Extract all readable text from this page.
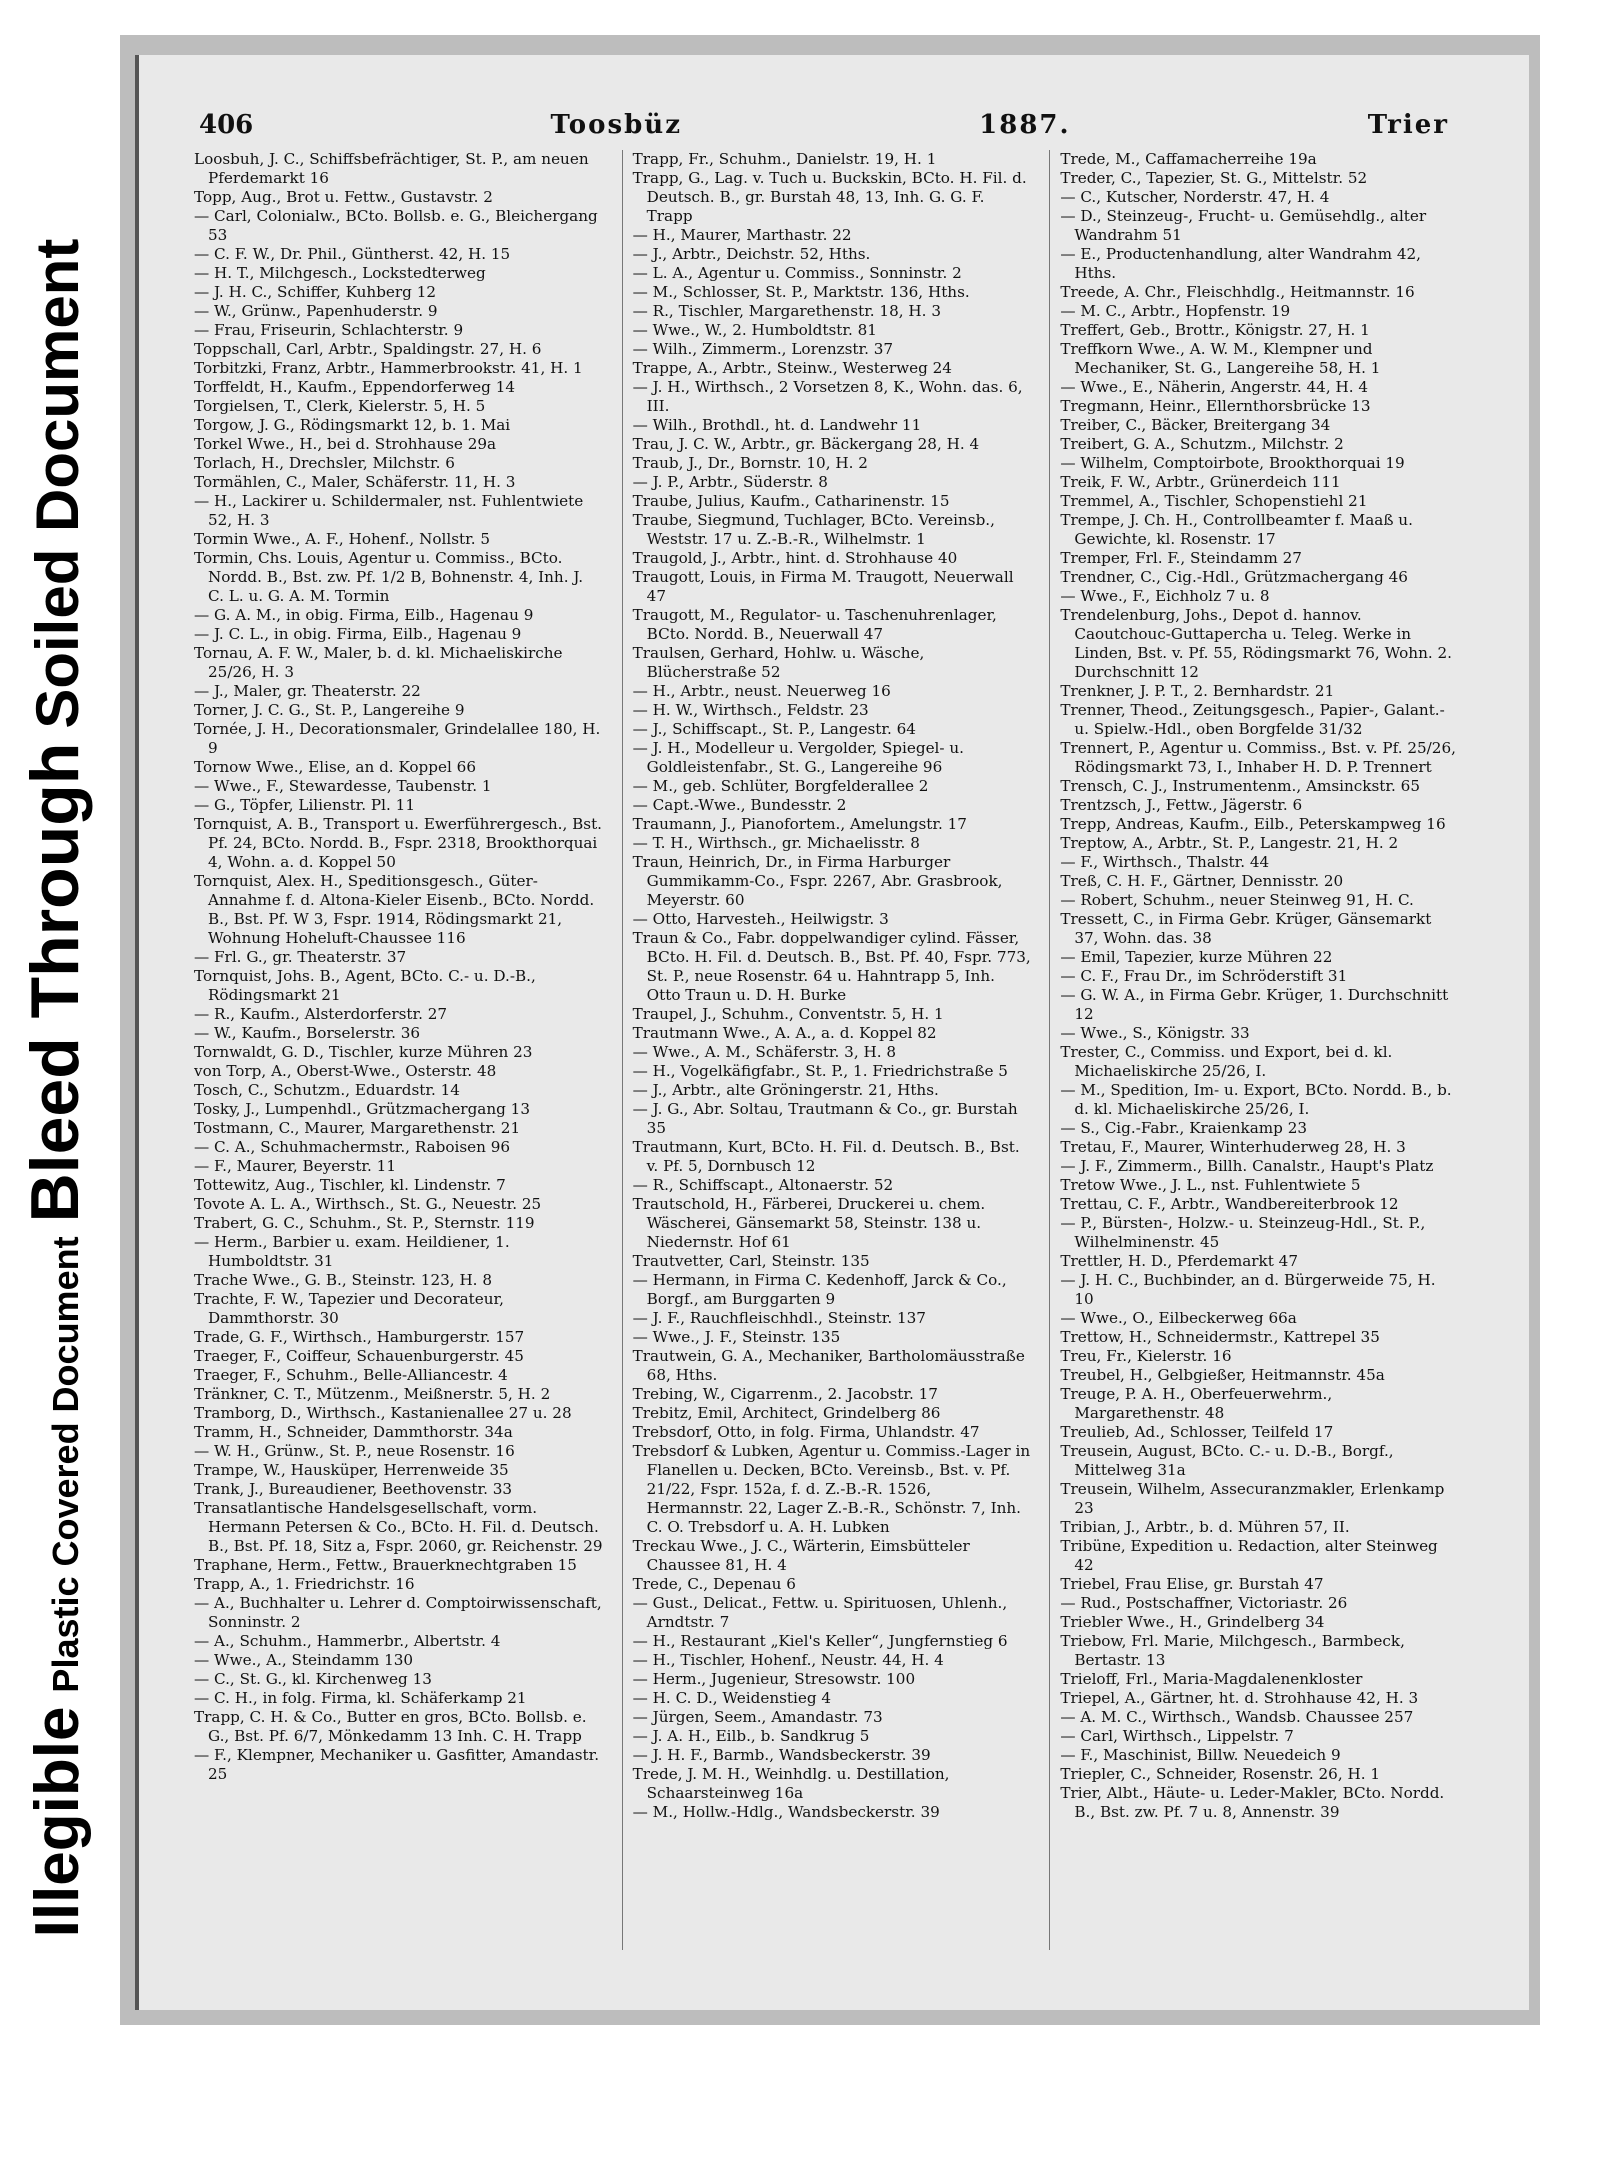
IllegiblePlastic Covered DocumentBleed ThroughSoiled Document
406	Toosbüz	1887.	Trier

Loosbuh, J. C., Schiffsbefrächtiger, St. P., am neuen Pferdemarkt 16

Topp, Aug., Brot u. Fettw., Gustavstr. 2

— Carl, Colonialw., BCto. Bollsb. e. G., Bleichergang 53

— C. F. W., Dr. Phil., Güntherst. 42, H. 15

— H. T., Milchgesch., Lockstedterweg

— J. H. C., Schiffer, Kuhberg 12

— W., Grünw., Papenhuderstr. 9

— Frau, Friseurin, Schlachterstr. 9

Toppschall, Carl, Arbtr., Spaldingstr. 27, H. 6

Torbitzki, Franz, Arbtr., Hammerbrookstr. 41, H. 1

Torffeldt, H., Kaufm., Eppendorferweg 14

Torgielsen, T., Clerk, Kielerstr. 5, H. 5

Torgow, J. G., Rödingsmarkt 12, b. 1. Mai

Torkel Wwe., H., bei d. Strohhause 29a

Torlach, H., Drechsler, Milchstr. 6

Tormählen, C., Maler, Schäferstr. 11, H. 3

— H., Lackirer u. Schildermaler, nst. Fuhlentwiete 52, H. 3

Tormin Wwe., A. F., Hohenf., Nollstr. 5

Tormin, Chs. Louis, Agentur u. Commiss., BCto. Nordd. B., Bst. zw. Pf. 1/2 B, Bohnenstr. 4, Inh. J. C. L. u. G. A. M. Tormin

— G. A. M., in obig. Firma, Eilb., Hagenau 9

— J. C. L., in obig. Firma, Eilb., Hagenau 9

Tornau, A. F. W., Maler, b. d. kl. Michaeliskirche 25/26, H. 3

— J., Maler, gr. Theaterstr. 22

Torner, J. C. G., St. P., Langereihe 9

Tornée, J. H., Decorationsmaler, Grindelallee 180, H. 9

Tornow Wwe., Elise, an d. Koppel 66

— Wwe., F., Stewardesse, Taubenstr. 1

— G., Töpfer, Lilienstr. Pl. 11

Tornquist, A. B., Transport u. Ewerführergesch., Bst. Pf. 24, BCto. Nordd. B., Fspr. 2318, Brookthorquai 4, Wohn. a. d. Koppel 50

Tornquist, Alex. H., Speditionsgesch., Güter-Annahme f. d. Altona-Kieler Eisenb., BCto. Nordd. B., Bst. Pf. W 3, Fspr. 1914, Rödingsmarkt 21, Wohnung Hoheluft-Chaussee 116

— Frl. G., gr. Theaterstr. 37

Tornquist, Johs. B., Agent, BCto. C.- u. D.-B., Rödingsmarkt 21

— R., Kaufm., Alsterdorferstr. 27

— W., Kaufm., Borselerstr. 36

Tornwaldt, G. D., Tischler, kurze Mühren 23

von Torp, A., Oberst-Wwe., Osterstr. 48

Tosch, C., Schutzm., Eduardstr. 14

Tosky, J., Lumpenhdl., Grützmachergang 13

Tostmann, C., Maurer, Margarethenstr. 21

— C. A., Schuhmachermstr., Raboisen 96

— F., Maurer, Beyerstr. 11

Tottewitz, Aug., Tischler, kl. Lindenstr. 7

Tovote A. L. A., Wirthsch., St. G., Neuestr. 25

Trabert, G. C., Schuhm., St. P., Sternstr. 119

— Herm., Barbier u. exam. Heildiener, 1. Humboldtstr. 31

Trache Wwe., G. B., Steinstr. 123, H. 8

Trachte, F. W., Tapezier und Decorateur, Dammthorstr. 30

Trade, G. F., Wirthsch., Hamburgerstr. 157

Traeger, F., Coiffeur, Schauenburgerstr. 45

Traeger, F., Schuhm., Belle-Alliancestr. 4

Tränkner, C. T., Mützenm., Meißnerstr. 5, H. 2

Tramborg, D., Wirthsch., Kastanienallee 27 u. 28

Tramm, H., Schneider, Dammthorstr. 34a

— W. H., Grünw., St. P., neue Rosenstr. 16

Trampe, W., Hausküper, Herrenweide 35

Trank, J., Bureaudiener, Beethovenstr. 33

Transatlantische Handelsgesellschaft, vorm. Hermann Petersen & Co., BCto. H. Fil. d. Deutsch. B., Bst. Pf. 18, Sitz a, Fspr. 2060, gr. Reichenstr. 29

Traphane, Herm., Fettw., Brauerknechtgraben 15

Trapp, A., 1. Friedrichstr. 16

— A., Buchhalter u. Lehrer d. Comptoirwissenschaft, Sonninstr. 2

— A., Schuhm., Hammerbr., Albertstr. 4

— Wwe., A., Steindamm 130

— C., St. G., kl. Kirchenweg 13

— C. H., in folg. Firma, kl. Schäferkamp 21

Trapp, C. H. & Co., Butter en gros, BCto. Bollsb. e. G., Bst. Pf. 6/7, Mönkedamm 13 Inh. C. H. Trapp

— F., Klempner, Mechaniker u. Gasfitter, Amandastr. 25

Trapp, Fr., Schuhm., Danielstr. 19, H. 1

Trapp, G., Lag. v. Tuch u. Buckskin, BCto. H. Fil. d. Deutsch. B., gr. Burstah 48, 13, Inh. G. G. F. Trapp

— H., Maurer, Marthastr. 22

— J., Arbtr., Deichstr. 52, Hths.

— L. A., Agentur u. Commiss., Sonninstr. 2

— M., Schlosser, St. P., Marktstr. 136, Hths.

— R., Tischler, Margarethenstr. 18, H. 3

— Wwe., W., 2. Humboldtstr. 81

— Wilh., Zimmerm., Lorenzstr. 37

Trappe, A., Arbtr., Steinw., Westerweg 24

— J. H., Wirthsch., 2 Vorsetzen 8, K., Wohn. das. 6, III.

— Wilh., Brothdl., ht. d. Landwehr 11

Trau, J. C. W., Arbtr., gr. Bäckergang 28, H. 4

Traub, J., Dr., Bornstr. 10, H. 2

— J. P., Arbtr., Süderstr. 8

Traube, Julius, Kaufm., Catharinenstr. 15

Traube, Siegmund, Tuchlager, BCto. Vereinsb., Weststr. 17 u. Z.-B.-R., Wilhelmstr. 1

Traugold, J., Arbtr., hint. d. Strohhause 40

Traugott, Louis, in Firma M. Traugott, Neuerwall 47

Traugott, M., Regulator- u. Taschenuhrenlager, BCto. Nordd. B., Neuerwall 47

Traulsen, Gerhard, Hohlw. u. Wäsche, Blücherstraße 52

— H., Arbtr., neust. Neuerweg 16

— H. W., Wirthsch., Feldstr. 23

— J., Schiffscapt., St. P., Langestr. 64

— J. H., Modelleur u. Vergolder, Spiegel- u. Goldleistenfabr., St. G., Langereihe 96

— M., geb. Schlüter, Borgfelderallee 2

— Capt.-Wwe., Bundesstr. 2

Traumann, J., Pianofortem., Amelungstr. 17

— T. H., Wirthsch., gr. Michaelisstr. 8

Traun, Heinrich, Dr., in Firma Harburger Gummikamm-Co., Fspr. 2267, Abr. Grasbrook, Meyerstr. 60

— Otto, Harvestеh., Heilwigstr. 3

Traun & Co., Fabr. doppelwandiger cylind. Fässer, BCto. H. Fil. d. Deutsch. B., Bst. Pf. 40, Fspr. 773, St. P., neue Rosenstr. 64 u. Hahntrapp 5, Inh. Otto Traun u. D. H. Burke

Traupel, J., Schuhm., Conventstr. 5, H. 1

Trautmann Wwe., A. A., a. d. Koppel 82

— Wwe., A. M., Schäferstr. 3, H. 8

— H., Vogelkäfigfabr., St. P., 1. Friedrichstraße 5

— J., Arbtr., alte Gröningerstr. 21, Hths.

— J. G., Abr. Soltau, Trautmann & Co., gr. Burstah 35

Trautmann, Kurt, BCto. H. Fil. d. Deutsch. B., Bst. v. Pf. 5, Dornbusch 12

— R., Schiffscapt., Altonaerstr. 52

Trautschold, H., Färberei, Druckerei u. chem. Wäscherei, Gänsemarkt 58, Steinstr. 138 u. Niedernstr. Hof 61

Trautvetter, Carl, Steinstr. 135

— Hermann, in Firma C. Kedenhoff, Jarck & Co., Borgf., am Burggarten 9

— J. F., Rauchfleischhdl., Steinstr. 137

— Wwe., J. F., Steinstr. 135

Trautwein, G. A., Mechaniker, Bartholomäusstraße 68, Hths.

Trebing, W., Cigarrenm., 2. Jacobstr. 17

Trebitz, Emil, Architect, Grindelberg 86

Trebsdorf, Otto, in folg. Firma, Uhlandstr. 47

Trebsdorf & Lubken, Agentur u. Commiss.-Lager in Flanellen u. Decken, BCto. Vereinsb., Bst. v. Pf. 21/22, Fspr. 152a, f. d. Z.-B.-R. 1526, Hermannstr. 22, Lager Z.-B.-R., Schönstr. 7, Inh. C. O. Trebsdorf u. A. H. Lubken

Treckau Wwe., J. C., Wärterin, Eimsbütteler Chaussee 81, H. 4

Trede, C., Depenau 6

— Gust., Delicat., Fettw. u. Spirituosen, Uhlenh., Arndtstr. 7

— H., Restaurant „Kiel's Keller“, Jungfernstieg 6

— H., Tischler, Hohenf., Neustr. 44, H. 4

— Herm., Jugenieur, Stresowstr. 100

— H. C. D., Weidenstieg 4

— Jürgen, Seem., Amandastr. 73

— J. A. H., Eilb., b. Sandkrug 5

— J. H. F., Barmb., Wandsbeckerstr. 39

Trede, J. M. H., Weinhdlg. u. Destillation, Schaarsteinweg 16a

— M., Hollw.-Hdlg., Wandsbeckerstr. 39

Trede, M., Caffamacherreihe 19a

Treder, C., Tapezier, St. G., Mittelstr. 52

— C., Kutscher, Norderstr. 47, H. 4

— D., Steinzeug-, Frucht- u. Gemüsehdlg., alter Wandrahm 51

— E., Productenhandlung, alter Wandrahm 42, Hths.

Treede, A. Chr., Fleischhdlg., Heitmannstr. 16

— M. C., Arbtr., Hopfenstr. 19

Treffert, Geb., Brottr., Königstr. 27, H. 1

Treffkorn Wwe., A. W. M., Klempner und Mechaniker, St. G., Langereihe 58, H. 1

— Wwe., E., Näherin, Angerstr. 44, H. 4

Tregmann, Heinr., Ellernthorsbrücke 13

Treiber, C., Bäcker, Breitergang 34

Treibert, G. A., Schutzm., Milchstr. 2

— Wilhelm, Comptoirbote, Brookthorquai 19

Treik, F. W., Arbtr., Grünerdeich 111

Tremmel, A., Tischler, Schopenstiehl 21

Trempe, J. Ch. H., Controllbeamter f. Maaß u. Gewichte, kl. Rosenstr. 17

Tremper, Frl. F., Steindamm 27

Trendner, C., Cig.-Hdl., Grützmachergang 46

— Wwe., F., Eichholz 7 u. 8

Trendelenburg, Johs., Depot d. hannov. Caoutchouc-Guttapercha u. Teleg. Werke in Linden, Bst. v. Pf. 55, Rödingsmarkt 76, Wohn. 2. Durchschnitt 12

Trenkner, J. P. T., 2. Bernhardstr. 21

Trenner, Theod., Zeitungsgesch., Papier-, Galant.- u. Spielw.-Hdl., oben Borgfelde 31/32

Trennert, P., Agentur u. Commiss., Bst. v. Pf. 25/26, Rödingsmarkt 73, I., Inhaber H. D. P. Trennert

Trensch, C. J., Instrumentenm., Amsinckstr. 65

Trentzsch, J., Fettw., Jägerstr. 6

Trepp, Andreas, Kaufm., Eilb., Peterskampweg 16

Treptow, A., Arbtr., St. P., Langestr. 21, H. 2

— F., Wirthsch., Thalstr. 44

Treß, C. H. F., Gärtner, Dennisstr. 20

— Robert, Schuhm., neuer Steinweg 91, H. C.

Tressett, C., in Firma Gebr. Krüger, Gänsemarkt 37, Wohn. das. 38

— Emil, Tapezier, kurze Mühren 22

— C. F., Frau Dr., im Schröderstift 31

— G. W. A., in Firma Gebr. Krüger, 1. Durchschnitt 12

— Wwe., S., Königstr. 33

Trester, C., Commiss. und Export, bei d. kl. Michaeliskirche 25/26, I.

— M., Spedition, Im- u. Export, BCto. Nordd. B., b. d. kl. Michaeliskirche 25/26, I.

— S., Cig.-Fabr., Kraienkamp 23

Tretau, F., Maurer, Winterhuderweg 28, H. 3

— J. F., Zimmerm., Billh. Canalstr., Haupt's Platz

Tretow Wwe., J. L., nst. Fuhlentwiete 5

Trettau, C. F., Arbtr., Wandbereiterbrook 12

— P., Bürsten-, Holzw.- u. Steinzeug-Hdl., St. P., Wilhelminenstr. 45

Trettler, H. D., Pferdemarkt 47

— J. H. C., Buchbinder, an d. Bürgerweide 75, H. 10

— Wwe., O., Eilbeckerweg 66a

Trettow, H., Schneidermstr., Kattrepel 35

Treu, Fr., Kielerstr. 16

Treubel, H., Gelbgießer, Heitmannstr. 45a

Treuge, P. A. H., Oberfeuerwehrm., Margarethenstr. 48

Treulieb, Ad., Schlosser, Teilfeld 17

Treusein, August, BCto. C.- u. D.-B., Borgf., Mittelweg 31a

Treusein, Wilhelm, Assecuranzmakler, Erlenkamp 23

Tribian, J., Arbtr., b. d. Mühren 57, II.

Tribüne, Expedition u. Redaction, alter Steinweg 42

Triebel, Frau Elise, gr. Burstah 47

— Rud., Postschaffner, Victoriastr. 26

Triebler Wwe., H., Grindelberg 34

Triebow, Frl. Marie, Milchgesch., Barmbeck, Bertastr. 13

Trieloff, Frl., Maria-Magdalenenkloster

Triepel, A., Gärtner, ht. d. Strohhause 42, H. 3

— A. M. C., Wirthsch., Wandsb. Chaussee 257

— Carl, Wirthsch., Lippelstr. 7

— F., Maschinist, Billw. Neuedeich 9

Triepler, C., Schneider, Rosenstr. 26, H. 1

Trier, Albt., Häute- u. Leder-Makler, BCto. Nordd. B., Bst. zw. Pf. 7 u. 8, Annenstr. 39
